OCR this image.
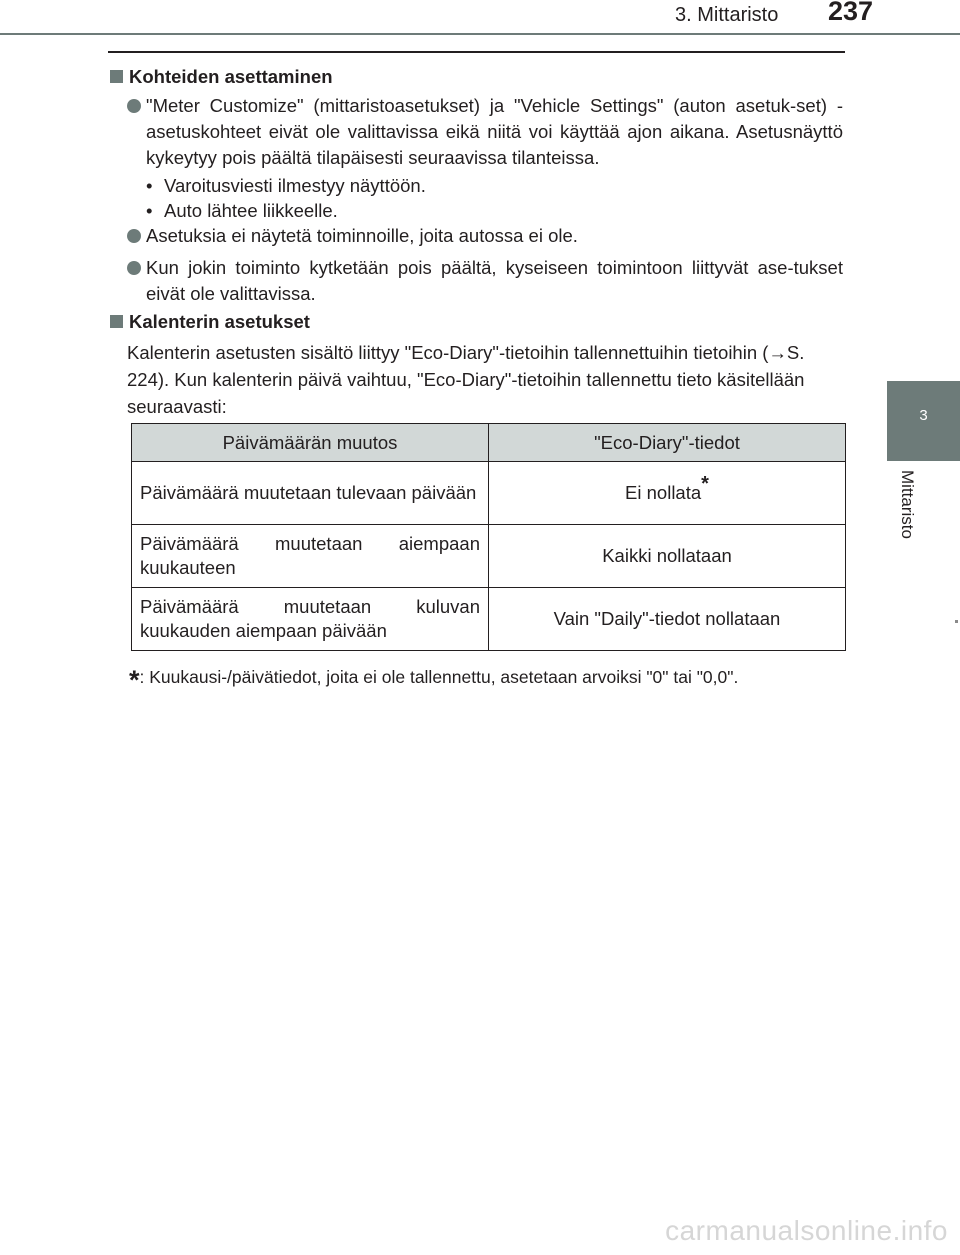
3. Mittaristo 237
3
Mittaristo
Kohteiden asettaminen
"Meter Customize" (mittaristoasetukset) ja "Vehicle Settings" (auton asetuk-set) -asetuskohteet eivät ole valittavissa eikä niitä voi käyttää ajon aikana. Asetusnäyttö kykeytyy pois päältä tilapäisesti seuraavissa tilanteissa.
• Varoitusviesti ilmestyy näyttöön.
• Auto lähtee liikkeelle.
Asetuksia ei näytetä toiminnoille, joita autossa ei ole.
Kun jokin toiminto kytketään pois päältä, kyseiseen toimintoon liittyvät ase-tukset eivät ole valittavissa.
Kalenterin asetukset
Kalenterin asetusten sisältö liittyy "Eco-Diary"-tietoihin tallennettuihin tietoihin (→S. 224). Kun kalenterin päivä vaihtuu, "Eco-Diary"-tietoihin tallennettu tieto käsitellään seuraavasti:
Päivämäärän muutos	"Eco-Diary"-tiedot
Päivämäärä muutetaan tulevaan päivään	Ei nollata*
Päivämäärä muutetaan aiempaan kuukauteen	Kaikki nollataan
Päivämäärä muutetaan kuluvan kuukauden aiempaan päivään	Vain "Daily"-tiedot nollataan
*: Kuukausi-/päivätiedot, joita ei ole tallennettu, asetetaan arvoiksi "0" tai "0,0".
carmanualsonline.info
